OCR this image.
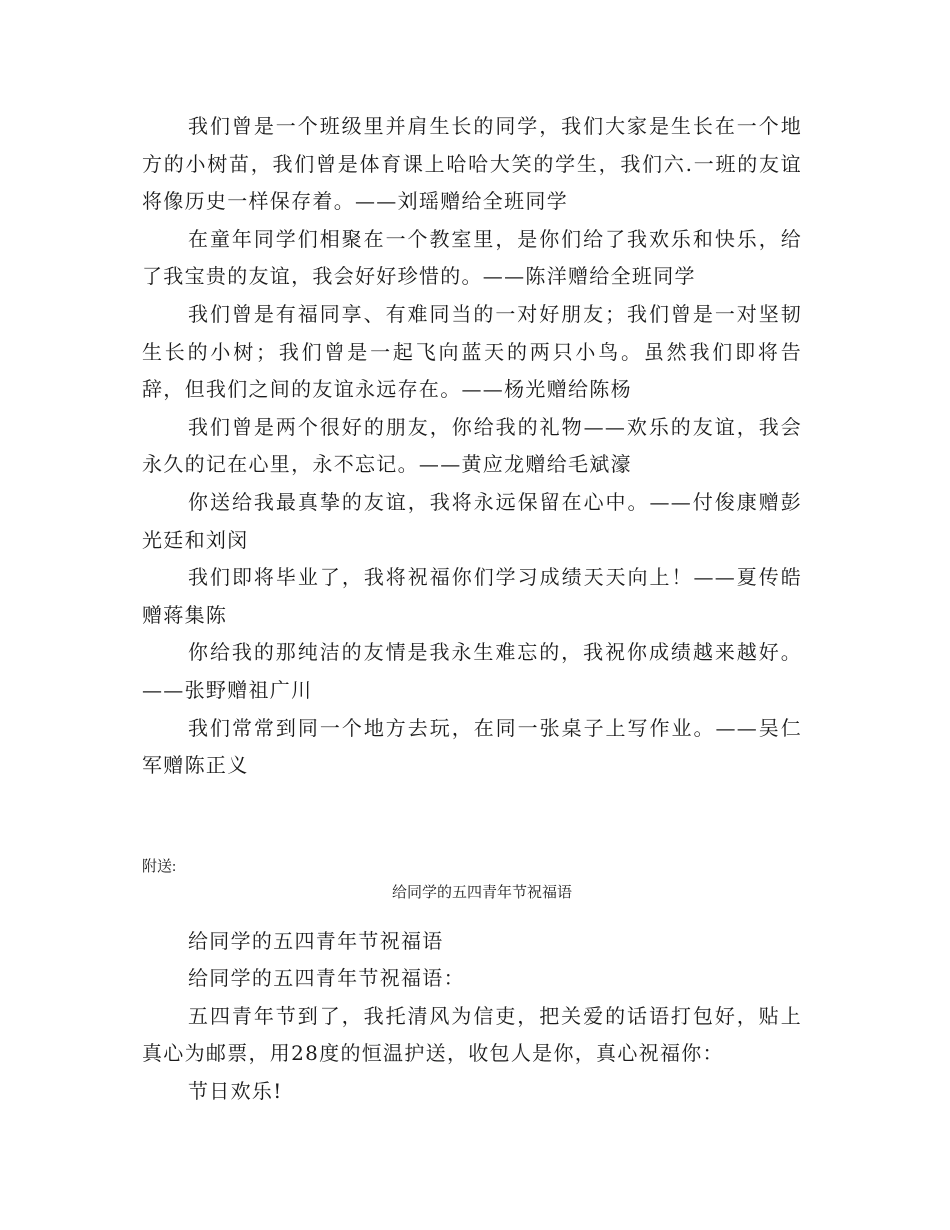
我们曾是一个班级里并肩生长的同学，我们大家是生长在一个地方的小树苗，我们曾是体育课上哈哈大笑的学生，我们六.一班的友谊将像历史一样保存着。——刘瑶赠给全班同学

在童年同学们相聚在一个教室里，是你们给了我欢乐和快乐，给了我宝贵的友谊，我会好好珍惜的。——陈洋赠给全班同学

我们曾是有福同享、有难同当的一对好朋友；我们曾是一对坚韧生长的小树；我们曾是一起飞向蓝天的两只小鸟。虽然我们即将告辞，但我们之间的友谊永远存在。——杨光赠给陈杨

我们曾是两个很好的朋友，你给我的礼物——欢乐的友谊，我会永久的记在心里，永不忘记。——黄应龙赠给毛斌濠

你送给我最真挚的友谊，我将永远保留在心中。——付俊康赠彭光廷和刘闵

我们即将毕业了，我将祝福你们学习成绩天天向上！——夏传皓赠蒋集陈

你给我的那纯洁的友情是我永生难忘的，我祝你成绩越来越好。——张野赠祖广川

我们常常到同一个地方去玩，在同一张桌子上写作业。——吴仁军赠陈正义

附送:

给同学的五四青年节祝福语

给同学的五四青年节祝福语

给同学的五四青年节祝福语：

五四青年节到了，我托清风为信吏，把关爱的话语打包好，贴上真心为邮票，用28度的恒温护送，收包人是你，真心祝福你：

节日欢乐!
